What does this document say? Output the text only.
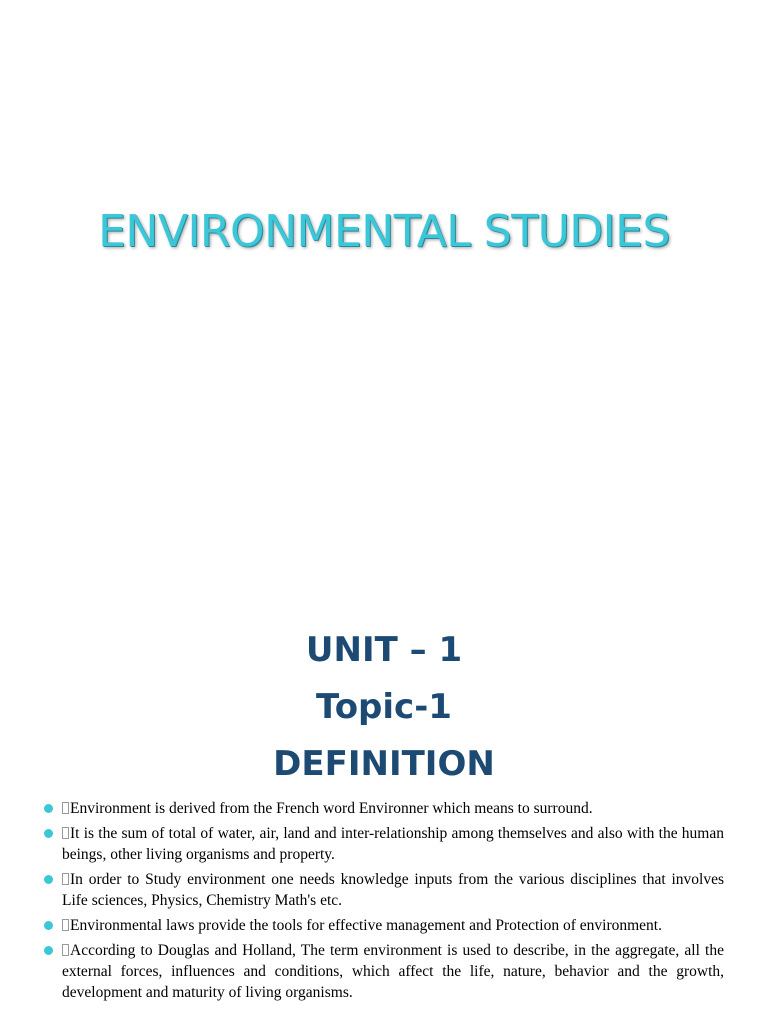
ENVIRONMENTAL STUDIES
UNIT – 1
Topic-1
DEFINITION
Environment is derived from the French word Environner which means to surround.
It is the sum of total of water, air, land and inter-relationship among themselves and also with the human beings, other living organisms and property.
In order to Study environment one needs knowledge inputs from the various disciplines that involves Life sciences, Physics, Chemistry Math's etc.
Environmental laws provide the tools for effective management and Protection of environment.
According to Douglas and Holland, The term environment is used to describe, in the aggregate, all the external forces, influences and conditions, which affect the life, nature, behavior and the growth, development and maturity of living organisms.
